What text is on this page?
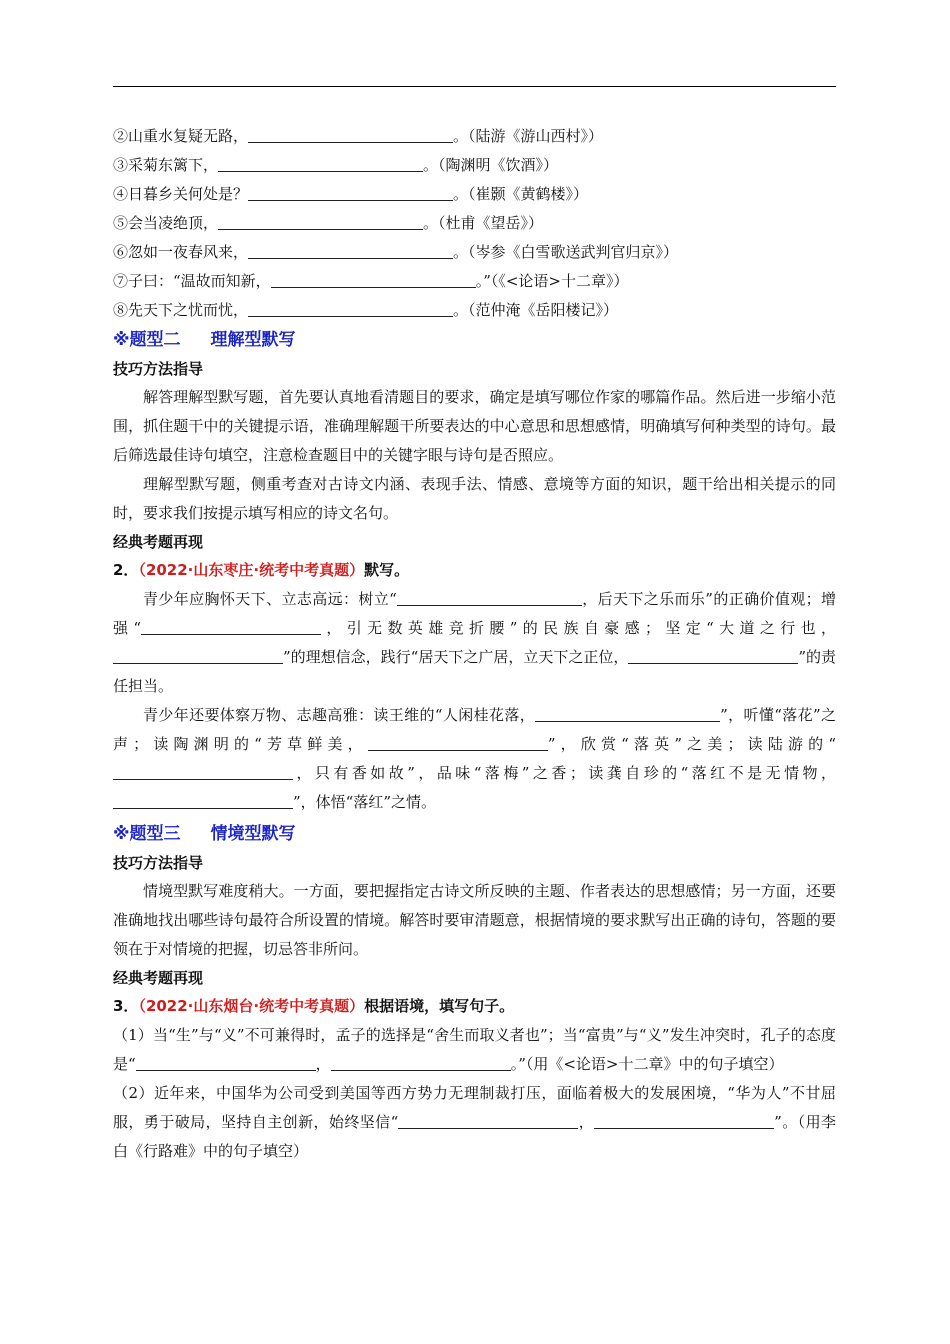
②山重水复疑无路，	。（陆游《游山西村》）
③采菊东篱下，	。（陶渊明《饮酒》）
④日暮乡关何处是？	。（崔颢《黄鹤楼》）
⑤会当凌绝顶，	。（杜甫《望岳》）
⑥忽如一夜春风来，	。（岑参《白雪歌送武判官归京》）
⑦子曰：“温故而知新，	。”（《<论语>十二章》）
⑧先天下之忧而忧，	。（范仲淹《岳阳楼记》）
※题型二 理解型默写
技巧方法指导

解答理解型默写题，首先要认真地看清题目的要求，确定是填写哪位作家的哪篇作品。然后进一步缩小范围，抓住题干中的关键提示语，准确理解题干所要表达的中心意思和思想感情，明确填写何种类型的诗句。最后筛选最佳诗句填空，注意检查题目中的关键字眼与诗句是否照应。

理解型默写题，侧重考查对古诗文内涵、表现手法、情感、意境等方面的知识，题干给出相关提示的同时，要求我们按提示填写相应的诗文名句。

经典考题再现
2．（2022·山东枣庄·统考中考真题）默写。

青少年应胸怀天下、立志高远：树立“	，后天下之乐而乐”的正确价值观；增强“	，引无数英雄竞折腰”的民族自豪感；坚定“大道之行也，”的理想信念，践行“居天下之广居，立天下之正位，	”的责任担当。

青少年还要体察万物、志趣高雅：读王维的“人闲桂花落，	”，听懂“落花”之声；读陶渊明的“芳草鲜美，	”，欣赏“落英”之美；读陆游的“，只有香如故”，品味“落梅”之香；读龚自珍的“落红不是无情物，”，体悟“落红”之情。

※题型三 情境型默写
技巧方法指导

情境型默写难度稍大。一方面，要把握指定古诗文所反映的主题、作者表达的思想感情；另一方面，还要准确地找出哪些诗句最符合所设置的情境。解答时要审清题意，根据情境的要求默写出正确的诗句，答题的要领在于对情境的把握，切忌答非所问。

经典考题再现
3．（2022·山东烟台·统考中考真题）根据语境，填写句子。

（1）当“生”与“义”不可兼得时，孟子的选择是“舍生而取义者也”；当“富贵”与“义”发生冲突时，孔子的态度是“	，	。”（用《<论语>十二章》中的句子填空）

（2）近年来，中国华为公司受到美国等西方势力无理制裁打压，面临着极大的发展困境，“华为人”不甘屈服，勇于破局，坚持自主创新，始终坚信“	，	”。（用李白《行路难》中的句子填空）
